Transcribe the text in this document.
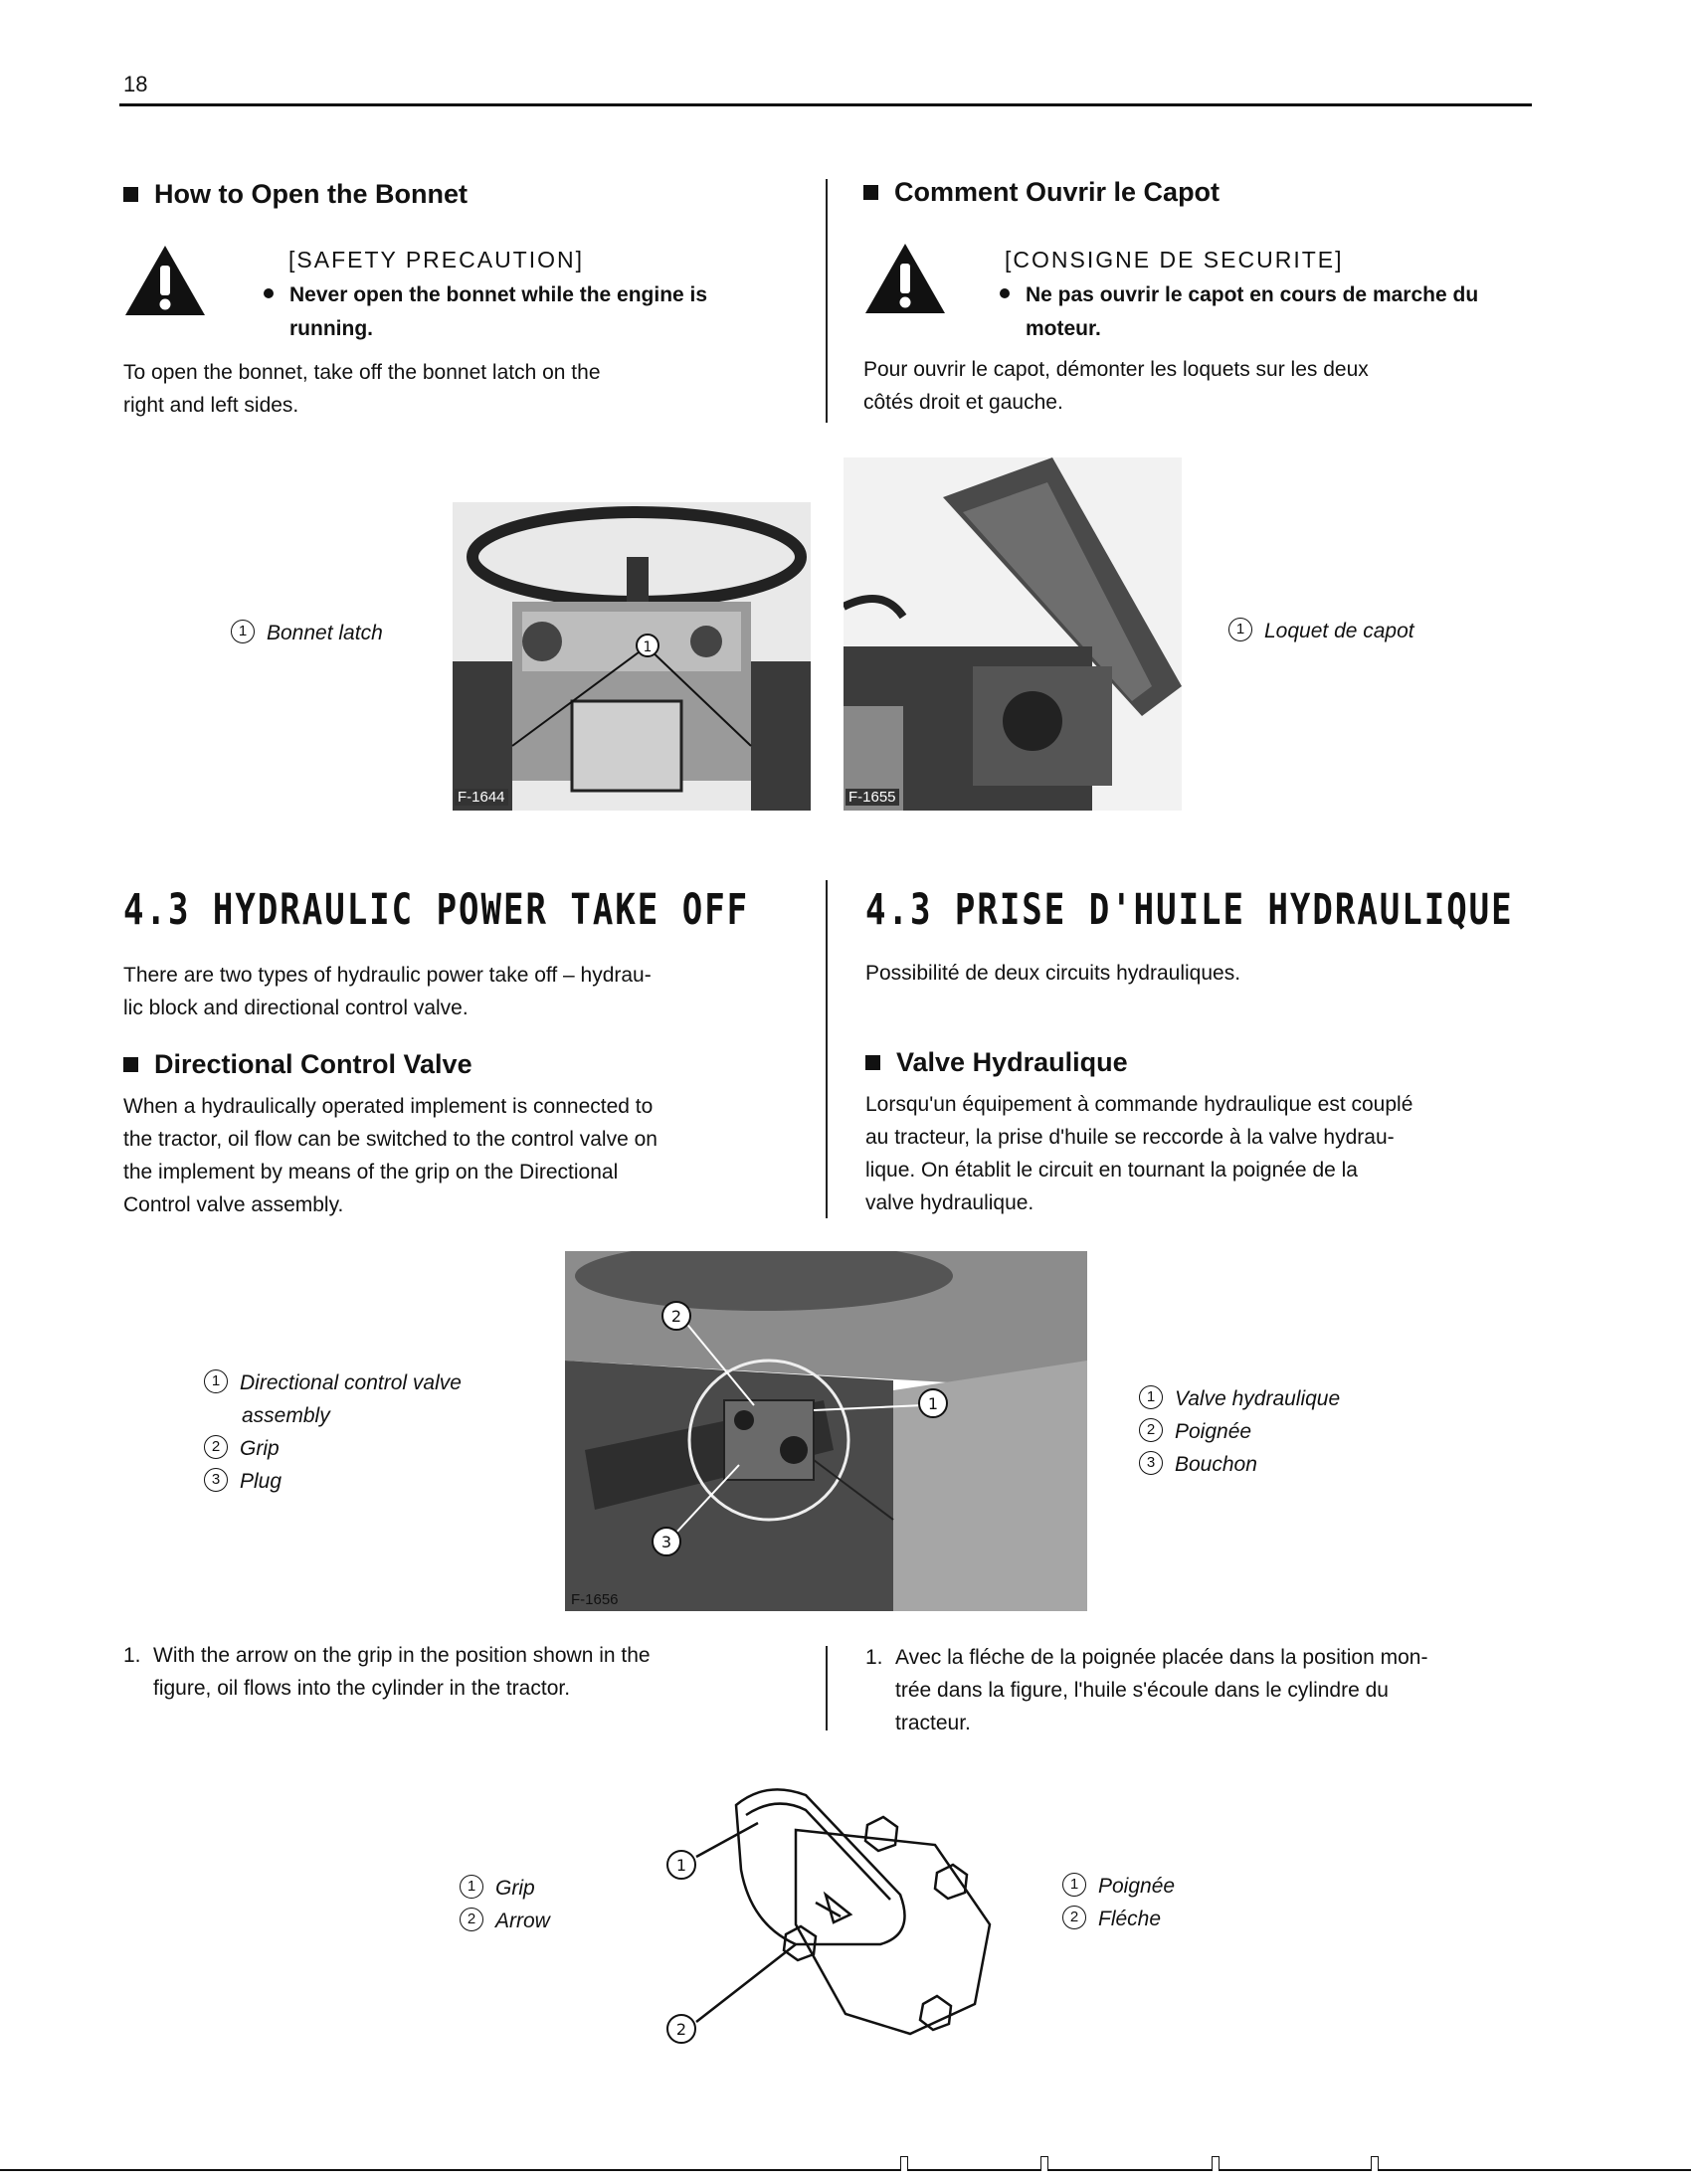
18
How to Open the Bonnet
[SAFETY PRECAUTION]
Never open the bonnet while the engine is
running.
To open the bonnet, take off the bonnet latch on the
right and left sides.
Comment Ouvrir le Capot
[CONSIGNE DE SECURITE]
Ne pas ouvrir le capot en cours de marche du
moteur.
Pour ouvrir le capot, démonter les loquets sur les deux
côtés droit et gauche.
1 Bonnet latch
1
F-1644	F-1655
1 Loquet de capot
4.3 HYDRAULIC POWER TAKE OFF	4.3 PRISE D'HUILE HYDRAULIQUE
There are two types of hydraulic power take off – hydrau-
lic block and directional control valve.
Possibilité de deux circuits hydrauliques.
Directional Control Valve	Valve Hydraulique
When a hydraulically operated implement is connected to
the tractor, oil flow can be switched to the control valve on
the implement by means of the grip on the Directional
Control valve assembly.
Lorsqu'un équipement à commande hydraulique est couplé
au tracteur, la prise d'huile se reccorde à la valve hydrau-
lique. On établit le circuit en tournant la poignée de la
valve hydraulique.
1 Directional control valve
assembly
2 Grip
3 Plug
2
1
3
F-1656
1 Valve hydraulique
2 Poignée
3 Bouchon
1. With the arrow on the grip in the position shown in the
figure, oil flows into the cylinder in the tractor.
1. Avec la fléche de la poignée placée dans la position mon-
trée dans la figure, l'huile s'écoule dans le cylindre du
tracteur.
1 Grip
2 Arrow
1
2
1 Poignée
2 Fléche
